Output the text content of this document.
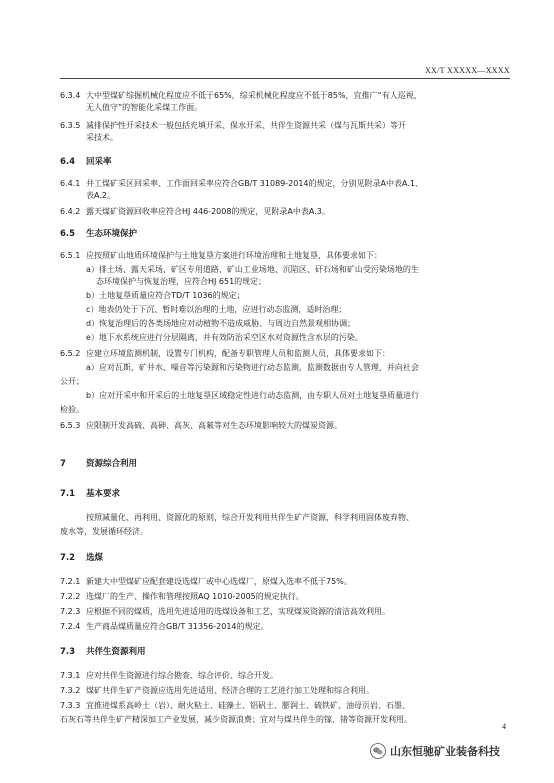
XX/T XXXXX—XXXX
6.3.4 大中型煤矿综掘机械化程度应不低于65%，综采机械化程度应不低于85%，宜推广“有人巡视，
无人值守”的智能化采煤工作面。
6.3.5 减排保护性开采技术一般包括充填开采、保水开采、共伴生资源共采（煤与瓦斯共采）等开
采技术。
6.4 回采率
6.4.1 井工煤矿采区回采率、工作面回采率应符合GB/T 31089-2014的规定，分别见附录A中表A.1、
表A.2。
6.4.2 露天煤矿资源回收率应符合HJ 446-2008的规定，见附录A中表A.3。
6.5 生态环境保护
6.5.1 应按照矿山地质环境保护与土地复垦方案进行环境治理和土地复垦，具体要求如下：
a）排土场、露天采场、矿区专用道路、矿山工业场地、沉陷区、矸石场和矿山受污染场地的生
态环境保护与恢复治理，应符合HJ 651的规定；
b）土地复垦质量应符合TD/T 1036的规定；
c）地表仍处于下沉、暂时难以治理的土地，应进行动态监测，适时治理；
d）恢复治理后的各类场地应对动植物不造成威胁、与周边自然景观相协调；
e）地下水系统应进行分层隔离，并有效防治采空区水对资源性含水层的污染。
6.5.2 应建立环境监测机制，设置专门机构，配备专职管理人员和监测人员，具体要求如下：
a）应对瓦斯、矿井水、噪音等污染源和污染物进行动态监测，监测数据由专人管理，并向社会
公开；
b）应对开采中和开采后的土地复垦区域稳定性进行动态监测，由专职人员对土地复垦质量进行
检验。
6.5.3 应限制开发高硫、高砷、高灰、高氟等对生态环境影响较大的煤炭资源。
7 资源综合利用
7.1 基本要求
按照减量化、再利用、资源化的原则，综合开发利用共伴生矿产资源，科学利用固体废弃物、
废水等，发展循环经济。
7.2 选煤
7.2.1 新建大中型煤矿应配套建设选煤厂或中心选煤厂，原煤入选率不低于75%。
7.2.2 选煤厂的生产、操作和管理按照AQ 1010-2005的规定执行。
7.2.3 应根据不同的煤质，选用先进适用的选煤设备和工艺，实现煤炭资源的清洁高效利用。
7.2.4 生产商品煤质量应符合GB/T 31356-2014的规定。
7.3 共伴生资源利用
7.3.1 应对共伴生资源进行综合勘查、综合评价、综合开发。
7.3.2 煤矿共伴生矿产资源应选用先进适用、经济合理的工艺进行加工处理和综合利用。
7.3.3 宜推进煤系高岭土（岩）、耐火粘土、硅藻土、铝矾土、膨润土、硫铁矿、油母页岩、石墨、
石灰石等共伴生矿产精深加工产业发展，减少资源浪费；宜对与煤共伴生的镓、锗等资源开发利用。
4
山东恒驰矿业装备科技
